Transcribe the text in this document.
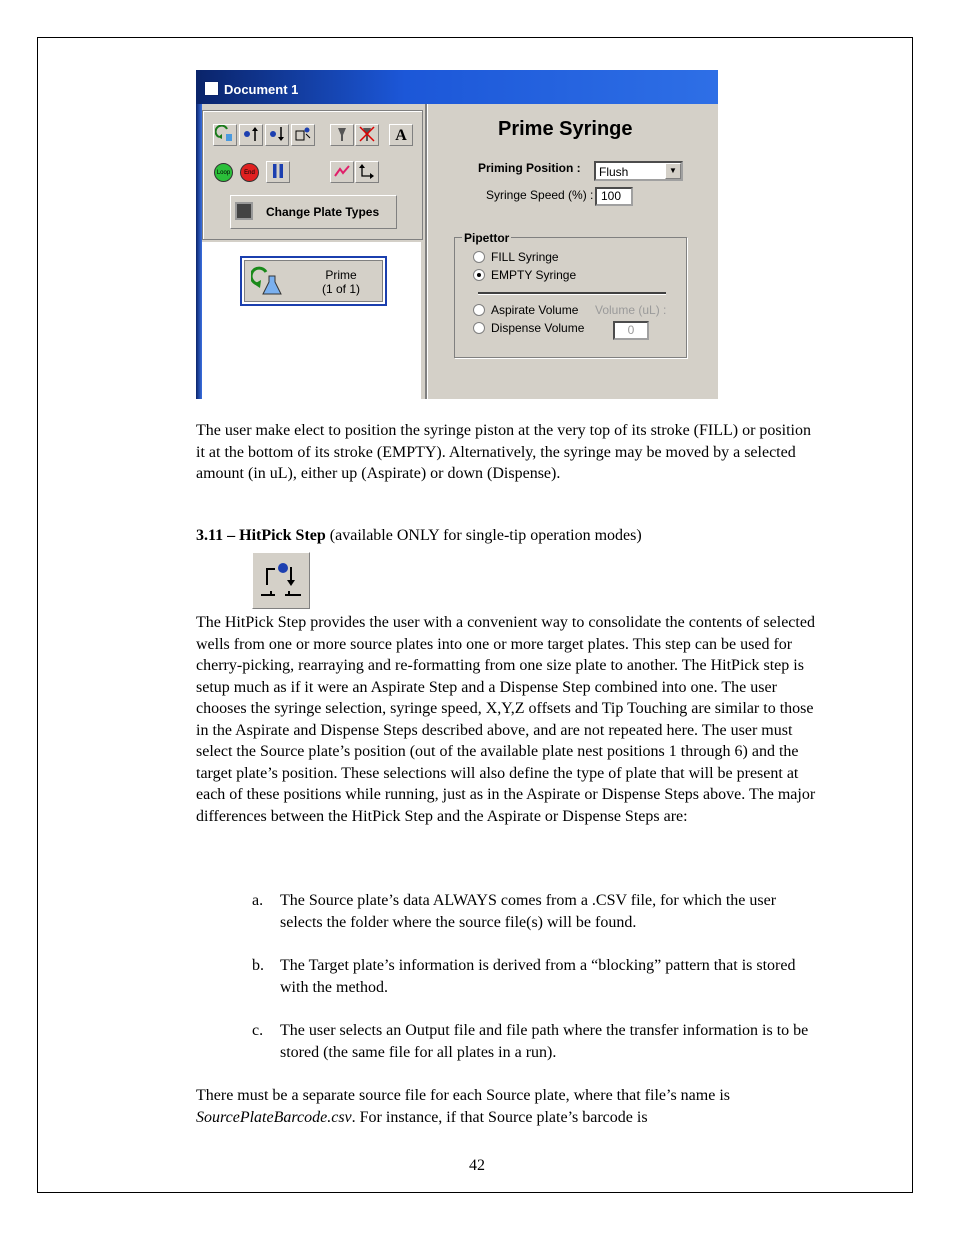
Document 1
A
Loop	End
Change Plate Types
Prime
(1 of 1)
Prime Syringe
Priming Position : Flush	▼
Syringe Speed (%) : 100
Pipettor
FILL Syringe
EMPTY Syringe
Aspirate Volume Volume (uL) :
Dispense Volume	0
The user make elect to position the syringe piston at the very top of its stroke (FILL) or position it at the bottom of its stroke (EMPTY). Alternatively, the syringe may be moved by a selected amount (in uL), either up (Aspirate) or down (Dispense).
3.11 – HitPick Step (available ONLY for single-tip operation modes)
The HitPick Step provides the user with a convenient way to consolidate the contents of selected wells from one or more source plates into one or more target plates. This step can be used for cherry-picking, rearraying and re-formatting from one size plate to another. The HitPick step is setup much as if it were an Aspirate Step and a Dispense Step combined into one. The user chooses the syringe selection, syringe speed, X,Y,Z offsets and Tip Touching are similar to those in the Aspirate and Dispense Steps described above, and are not repeated here. The user must select the Source plate’s position (out of the available plate nest positions 1 through 6) and the target plate’s position. These selections will also define the type of plate that will be present at each of these positions while running, just as in the Aspirate or Dispense Steps above. The major differences between the HitPick Step and the Aspirate or Dispense Steps are:
a. The Source plate’s data ALWAYS comes from a .CSV file, for which the user selects the folder where the source file(s) will be found.
b. The Target plate’s information is derived from a “blocking” pattern that is stored with the method.
c. The user selects an Output file and file path where the transfer information is to be stored (the same file for all plates in a run).
There must be a separate source file for each Source plate, where that file’s name is SourcePlateBarcode.csv. For instance, if that Source plate’s barcode is
42
